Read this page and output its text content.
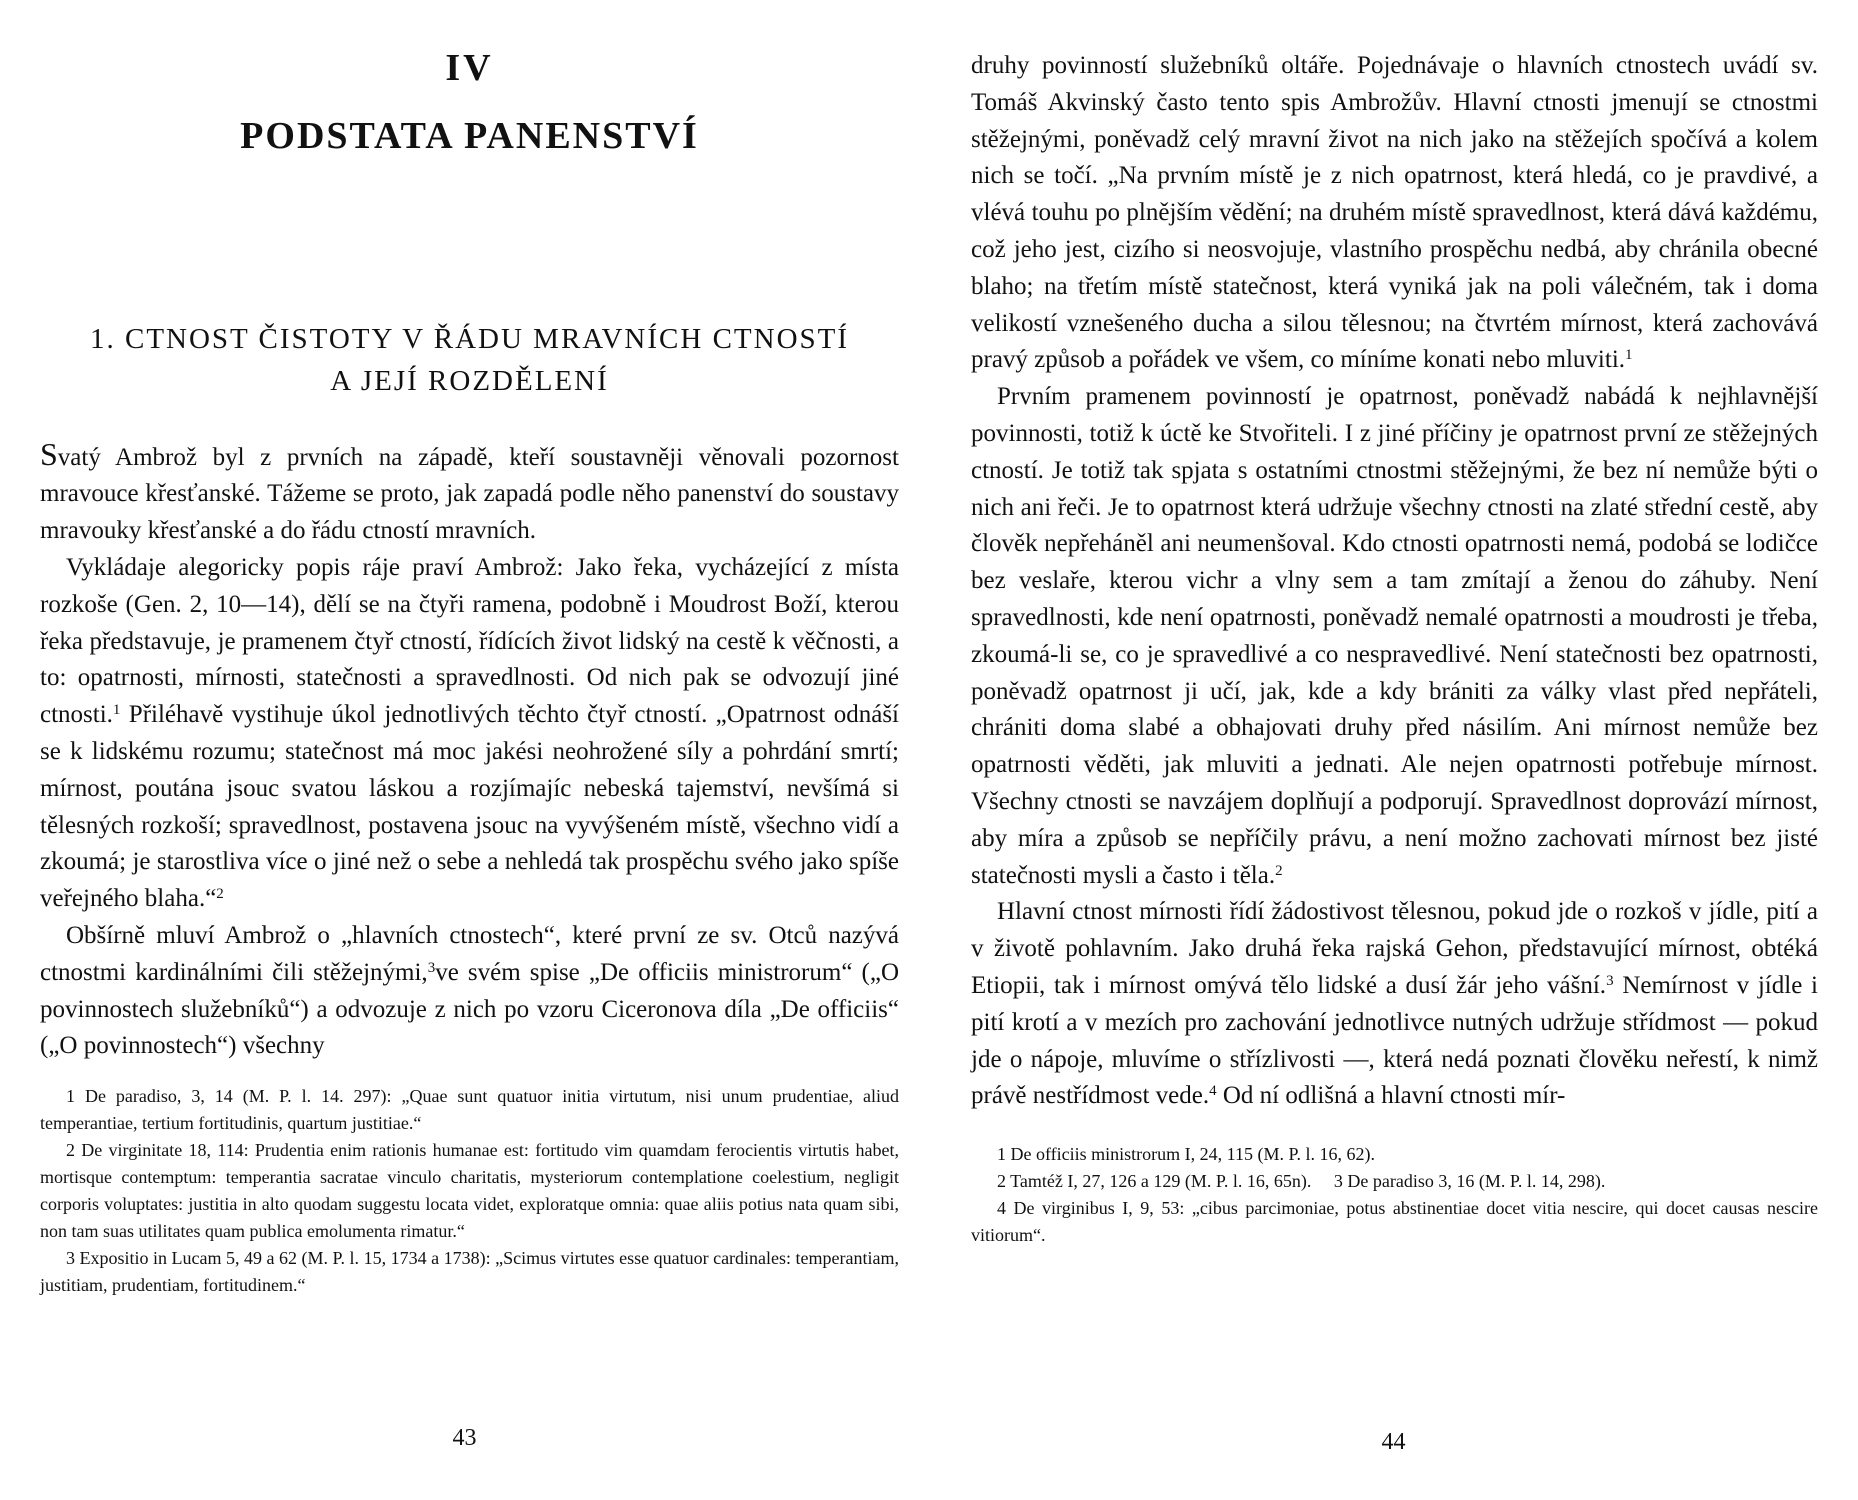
IV
PODSTATA PANENSTVÍ
1. CTNOST ČISTOTY V ŘÁDU MRAVNÍCH CTNOSTÍ
A JEJÍ ROZDĚLENÍ

Svatý Ambrož byl z prvních na západě, kteří soustavněji věnovali pozornost mravouce křesťanské. Tážeme se proto, jak zapadá podle něho panenství do soustavy mravouky křesťanské a do řádu ctností mravních.

Vykládaje alegoricky popis ráje praví Ambrož: Jako řeka, vycházející z místa rozkoše (Gen. 2, 10—14), dělí se na čtyři ramena, podobně i Moudrost Boží, kterou řeka představuje, je pramenem čtyř ctností, řídících život lidský na cestě k věčnosti, a to: opatrnosti, mírnosti, statečnosti a spravedlnosti. Od nich pak se odvozují jiné ctnosti.$^1$ Přiléhavě vystihuje úkol jednotlivých těchto čtyř ctností. „Opatrnost odnáší se k lidskému rozumu; statečnost má moc jakési neohrožené síly a pohrdání smrtí; mírnost, poutána jsouc svatou láskou a rozjímajíc nebeská tajemství, nevšímá si tělesných rozkoší; spravedlnost, postavena jsouc na vyvýšeném místě, všechno vidí a zkoumá; je starostliva více o jiné než o sebe a nehledá tak prospěchu svého jako spíše veřejného blaha.“$^2$

Obšírně mluví Ambrož o „hlavních ctnostech“, které první ze sv. Otců nazývá ctnostmi kardinálními čili stěžejnými,$^3$ve svém spise „De officiis ministrorum“ („O povinnostech služebníků“) a odvozuje z nich po vzoru Ciceronova díla „De officiis“ („O povinnostech“) všechny

1 De paradiso, 3, 14 (M. P. l. 14. 297): „Quae sunt quatuor initia virtutum, nisi unum prudentiae, aliud temperantiae, tertium fortitudinis, quartum justitiae.“

2 De virginitate 18, 114: Prudentia enim rationis humanae est: fortitudo vim quamdam ferocientis virtutis habet, mortisque contemptum: temperantia sacratae vinculo charitatis, mysteriorum contemplatione coelestium, negligit corporis voluptates: justitia in alto quodam suggestu locata videt, exploratque omnia: quae aliis potius nata quam sibi, non tam suas utilitates quam publica emolumenta rimatur.“

3 Expositio in Lucam 5, 49 a 62 (M. P. l. 15, 1734 a 1738): „Scimus virtutes esse quatuor cardinales: temperantiam, justitiam, prudentiam, fortitudinem.“

43

druhy povinností služebníků oltáře. Pojednávaje o hlavních ctnostech uvádí sv. Tomáš Akvinský často tento spis Ambrožův. Hlavní ctnosti jmenují se ctnostmi stěžejnými, poněvadž celý mravní život na nich jako na stěžejích spočívá a kolem nich se točí. „Na prvním místě je z nich opatrnost, která hledá, co je pravdivé, a vlévá touhu po plnějším vědění; na druhém místě spravedlnost, která dává každému, což jeho jest, cizího si neosvojuje, vlastního prospěchu nedbá, aby chránila obecné blaho; na třetím místě statečnost, která vyniká jak na poli válečném, tak i doma velikostí vznešeného ducha a silou tělesnou; na čtvrtém mírnost, která zachovává pravý způsob a pořádek ve všem, co míníme konati nebo mluviti.$^1$

Prvním pramenem povinností je opatrnost, poněvadž nabádá k nejhlavnější povinnosti, totiž k úctě ke Stvořiteli. I z jiné příčiny je opatrnost první ze stěžejných ctností. Je totiž tak spjata s ostatními ctnostmi stěžejnými, že bez ní nemůže býti o nich ani řeči. Je to opatrnost která udržuje všechny ctnosti na zlaté střední cestě, aby člověk nepřeháněl ani neumenšoval. Kdo ctnosti opatrnosti nemá, podobá se lodičce bez veslaře, kterou vichr a vlny sem a tam zmítají a ženou do záhuby. Není spravedlnosti, kde není opatrnosti, poněvadž nemalé opatrnosti a moudrosti je třeba, zkoumá-li se, co je spravedlivé a co nespravedlivé. Není statečnosti bez opatrnosti, poněvadž opatrnost ji učí, jak, kde a kdy brániti za války vlast před nepřáteli, chrániti doma slabé a obhajovati druhy před násilím. Ani mírnost nemůže bez opatrnosti věděti, jak mluviti a jednati. Ale nejen opatrnosti potřebuje mírnost. Všechny ctnosti se navzájem doplňují a podporují. Spravedlnost doprovází mírnost, aby míra a způsob se nepříčily právu, a není možno zachovati mírnost bez jisté statečnosti mysli a často i těla.$^2$

Hlavní ctnost mírnosti řídí žádostivost tělesnou, pokud jde o rozkoš v jídle, pití a v životě pohlavním. Jako druhá řeka rajská Gehon, představující mírnost, obtéká Etiopii, tak i mírnost omývá tělo lidské a dusí žár jeho vášní.$^3$ Nemírnost v jídle i pití krotí a v mezích pro zachování jednotlivce nutných udržuje střídmost — pokud jde o nápoje, mluvíme o střízlivosti —, která nedá poznati člověku neřestí, k nimž právě nestřídmost vede.$^4$ Od ní odlišná a hlavní ctnosti mír-

1 De officiis ministrorum I, 24, 115 (M. P. l. 16, 62).

2 Tamtéž I, 27, 126 a 129 (M. P. l. 16, 65n).     3 De paradiso 3, 16 (M. P. l. 14, 298).

4 De virginibus I, 9, 53: „cibus parcimoniae, potus abstinentiae docet vitia nescire, qui docet causas nescire vitiorum“.

44
